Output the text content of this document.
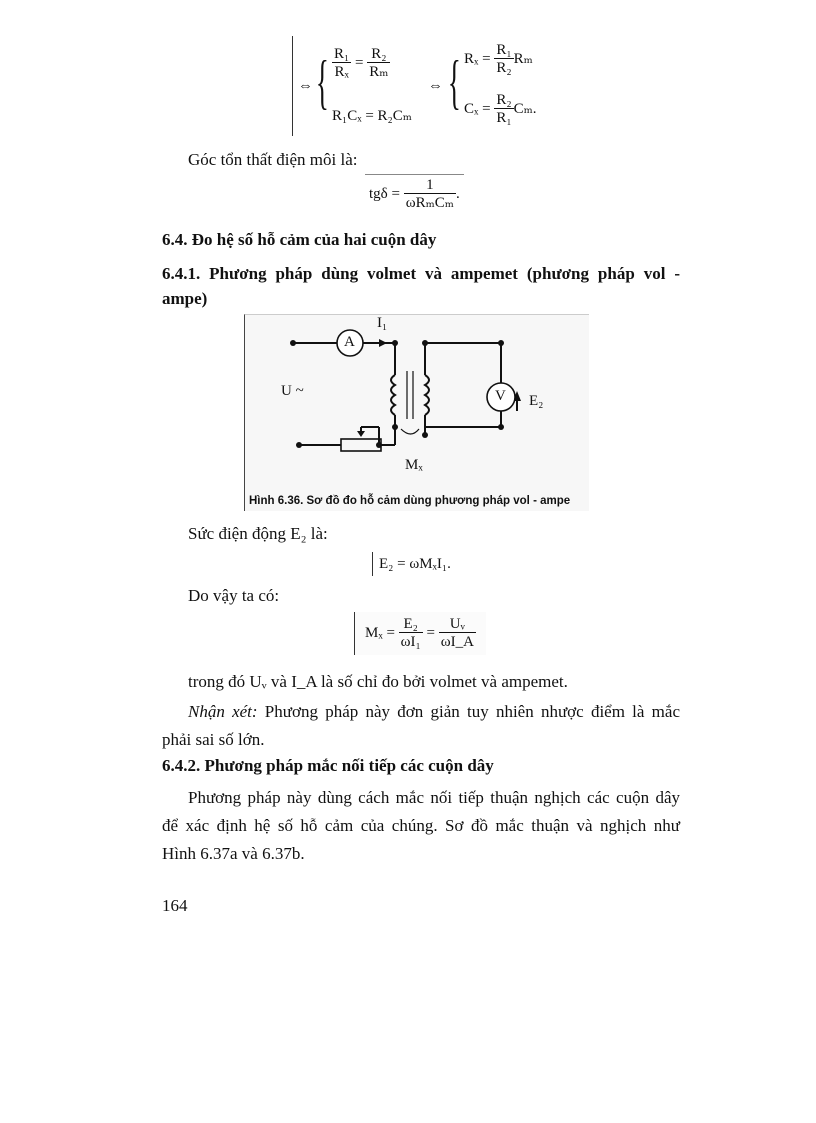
⇔ { $\frac{\text{R₁}}{\text{Rₓ}} = \frac{\text{R₂}}{\text{Rₘ}}$
R₁Cₓ = R₂Cₘ
⇔ { $R_x = \frac{\text{R₁}}{\text{R₂}}$ Rₘ
$C_x = \frac{\text{R₂}}{\text{R₁}} C_m$.
Góc tổn thất điện môi là:
$tg\delta = \frac{1}{\text{ωRₘCₘ}}$ .
6.4. Đo hệ số hỗ cảm của hai cuộn dây
6.4.1. Phương pháp dùng volmet và ampemet (phương pháp vol -
ampe)
A
V
I₁
U ~
E₂
Mₓ
Hình 6.36. Sơ đồ đo hỗ cảm dùng phương pháp vol - ampe
Sức điện động E₂ là:
E₂ = ωMₓI₁.
Do vậy ta có:
$M_x = \frac{\text{E₂}}{\text{ωI₁}} = \frac{\text{Uᵥ}}{\omega I\_A}$
trong đó Uᵥ và I_A là số chỉ đo bởi volmet và ampemet.
Nhận xét: Phương pháp này đơn giản tuy nhiên nhược điểm là mắc
phải sai số lớn.
6.4.2. Phương pháp mắc nối tiếp các cuộn dây
Phương pháp này dùng cách mắc nối tiếp thuận nghịch các cuộn dây
để xác định hệ số hỗ cảm của chúng. Sơ đồ mắc thuận và nghịch như
Hình 6.37a và 6.37b.
164
